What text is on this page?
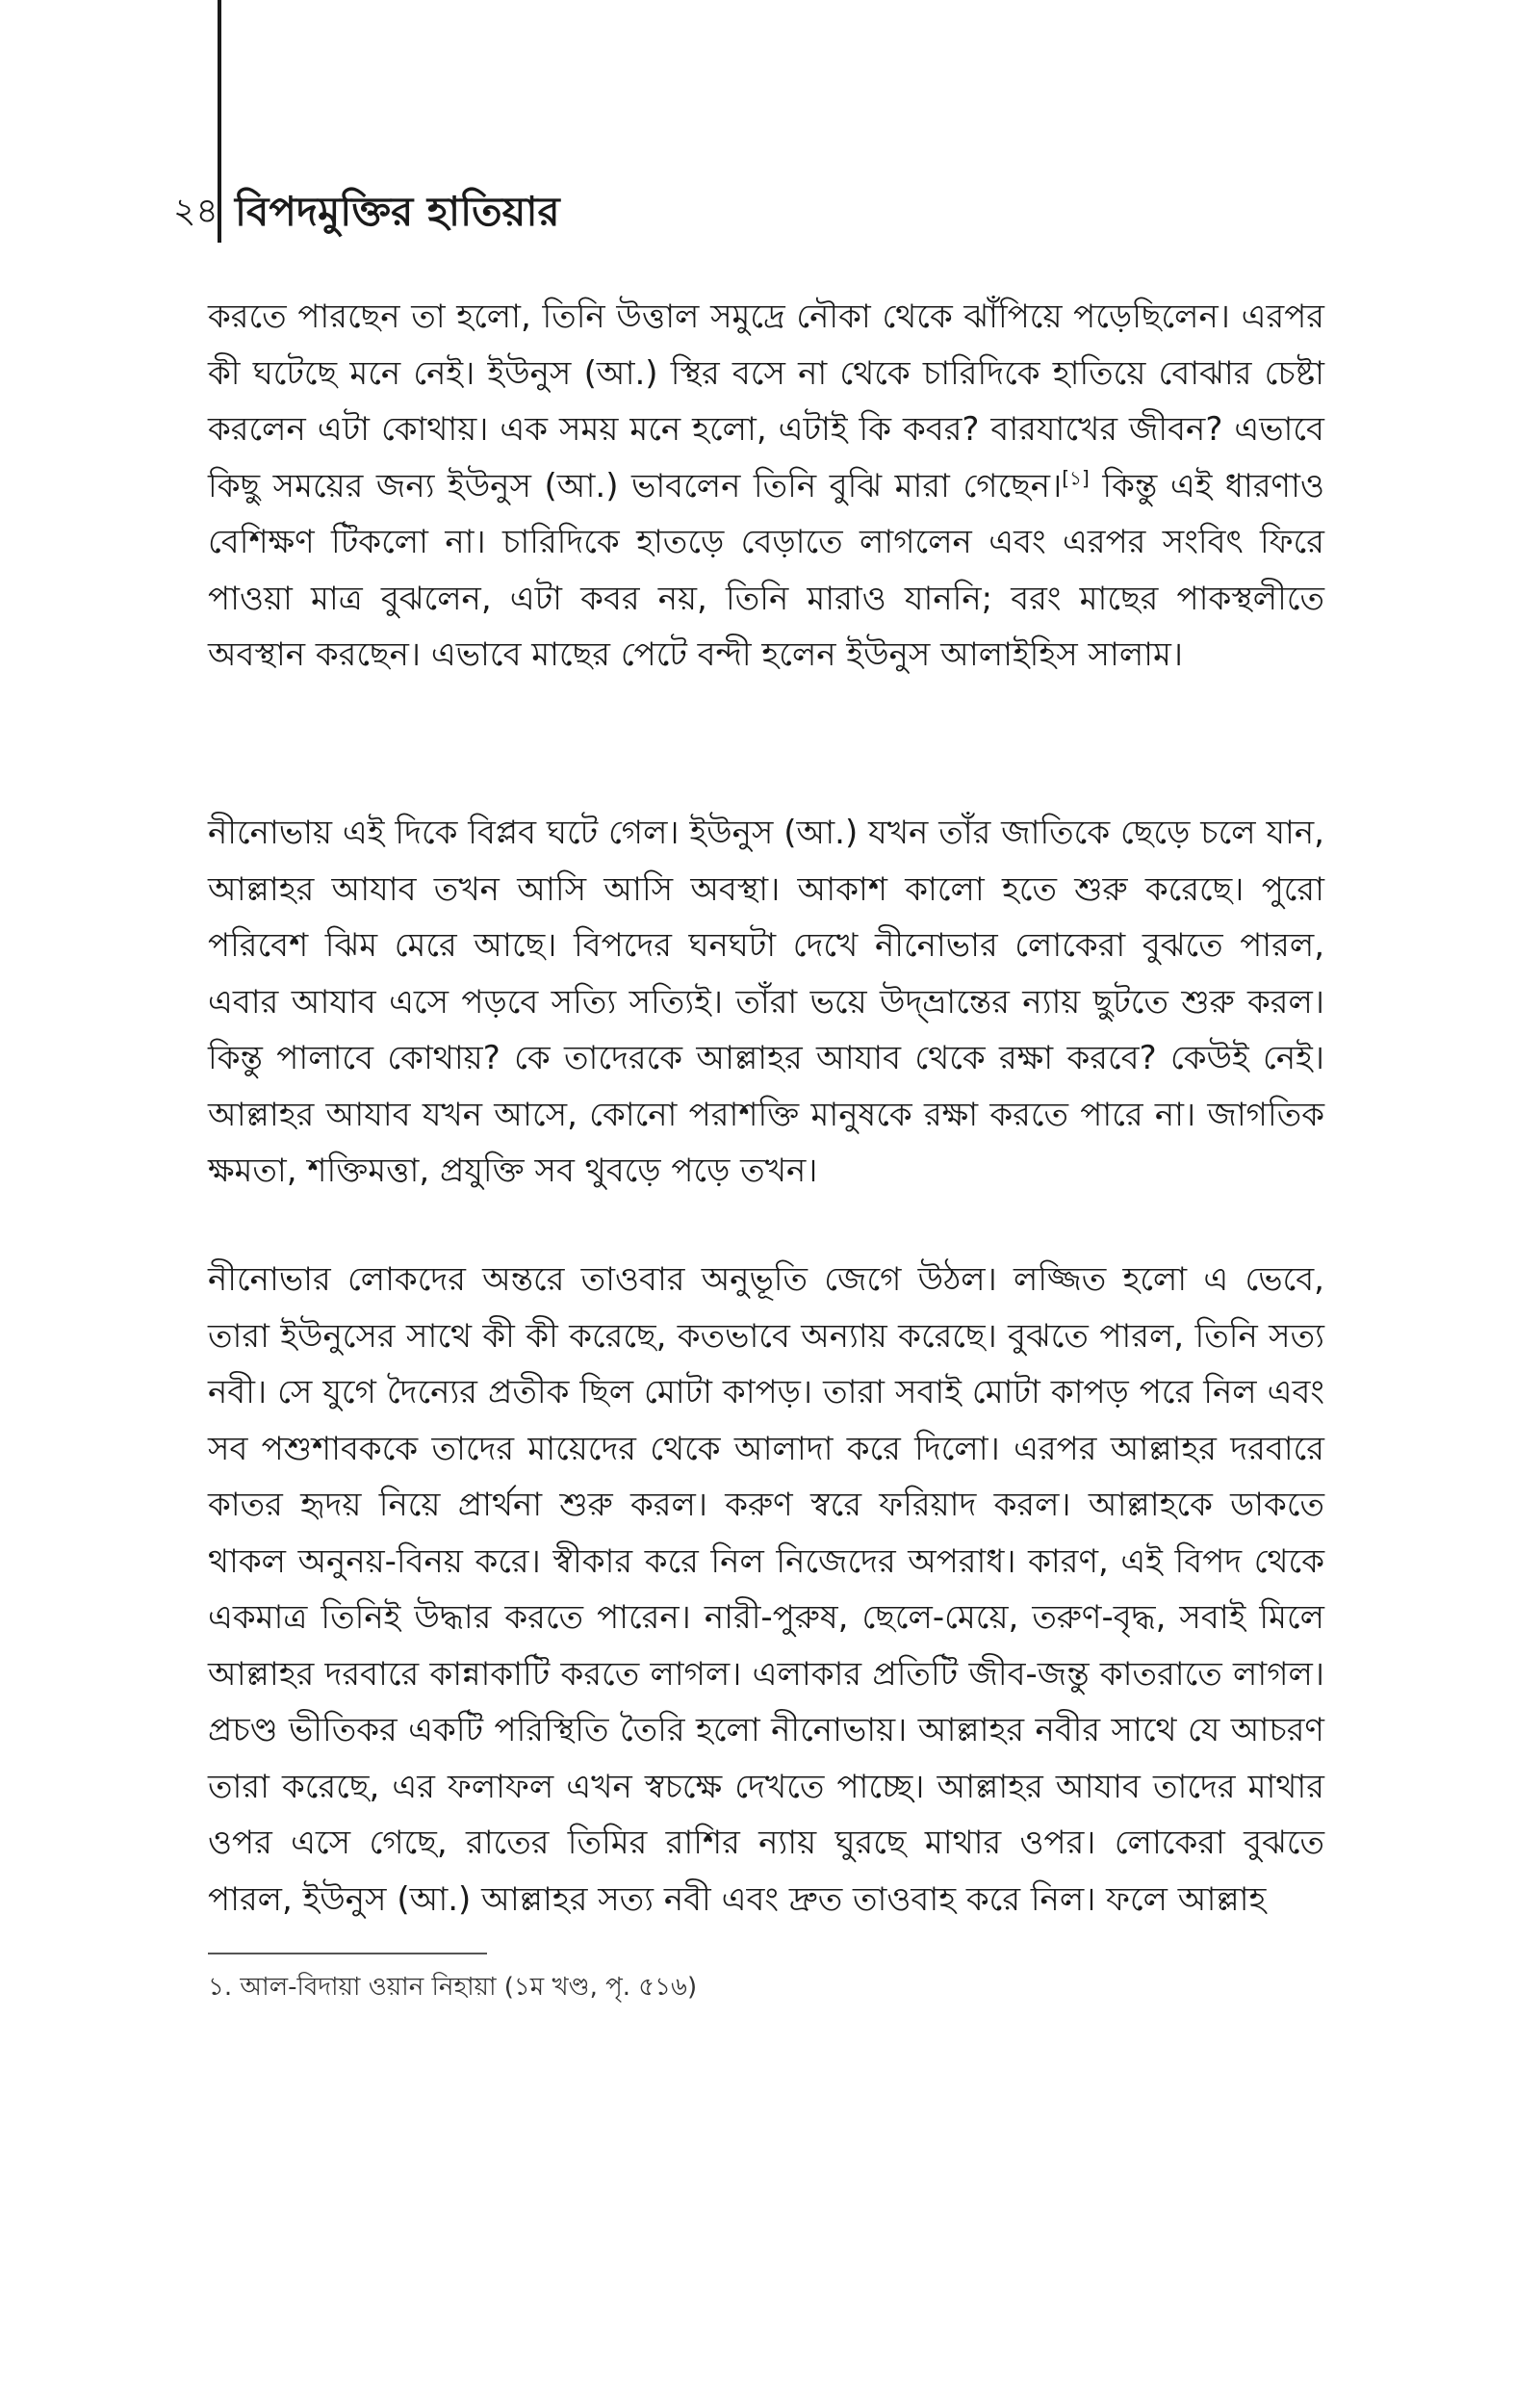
২৪ বিপদমুক্তির হাতিয়ার
করতে পারছেন তা হলো, তিনি উত্তাল সমুদ্রে নৌকা থেকে ঝাঁপিয়ে পড়েছিলেন। এরপর কী ঘটেছে মনে নেই। ইউনুস (আ.) স্থির বসে না থেকে চারিদিকে হাতিয়ে বোঝার চেষ্টা করলেন এটা কোথায়। এক সময় মনে হলো, এটাই কি কবর? বারযাখের জীবন? এভাবে কিছু সময়ের জন্য ইউনুস (আ.) ভাবলেন তিনি বুঝি মারা গেছেন।[১] কিন্তু এই ধারণাও বেশিক্ষণ টিকলো না। চারিদিকে হাতড়ে বেড়াতে লাগলেন এবং এরপর সংবিৎ ফিরে পাওয়া মাত্র বুঝলেন, এটা কবর নয়, তিনি মারাও যাননি; বরং মাছের পাকস্থলীতে অবস্থান করছেন। এভাবে মাছের পেটে বন্দী হলেন ইউনুস আলাইহিস সালাম।
নীনোভায় এই দিকে বিপ্লব ঘটে গেল। ইউনুস (আ.) যখন তাঁর জাতিকে ছেড়ে চলে যান, আল্লাহর আযাব তখন আসি আসি অবস্থা। আকাশ কালো হতে শুরু করেছে। পুরো পরিবেশ ঝিম মেরে আছে। বিপদের ঘনঘটা দেখে নীনোভার লোকেরা বুঝতে পারল, এবার আযাব এসে পড়বে সত্যি সত্যিই। তাঁরা ভয়ে উদ্‌ভ্রান্তের ন্যায় ছুটতে শুরু করল। কিন্তু পালাবে কোথায়? কে তাদেরকে আল্লাহর আযাব থেকে রক্ষা করবে? কেউই নেই। আল্লাহর আযাব যখন আসে, কোনো পরাশক্তি মানুষকে রক্ষা করতে পারে না। জাগতিক ক্ষমতা, শক্তিমত্তা, প্রযুক্তি সব থুবড়ে পড়ে তখন।
নীনোভার লোকদের অন্তরে তাওবার অনুভূতি জেগে উঠল। লজ্জিত হলো এ ভেবে, তারা ইউনুসের সাথে কী কী করেছে, কতভাবে অন্যায় করেছে। বুঝতে পারল, তিনি সত্য নবী। সে যুগে দৈন্যের প্রতীক ছিল মোটা কাপড়। তারা সবাই মোটা কাপড় পরে নিল এবং সব পশুশাবককে তাদের মায়েদের থেকে আলাদা করে দিলো। এরপর আল্লাহর দরবারে কাতর হৃদয় নিয়ে প্রার্থনা শুরু করল। করুণ স্বরে ফরিয়াদ করল। আল্লাহকে ডাকতে থাকল অনুনয়-বিনয় করে। স্বীকার করে নিল নিজেদের অপরাধ। কারণ, এই বিপদ থেকে একমাত্র তিনিই উদ্ধার করতে পারেন। নারী-পুরুষ, ছেলে-মেয়ে, তরুণ-বৃদ্ধ, সবাই মিলে আল্লাহর দরবারে কান্নাকাটি করতে লাগল। এলাকার প্রতিটি জীব-জন্তু কাতরাতে লাগল। প্রচণ্ড ভীতিকর একটি পরিস্থিতি তৈরি হলো নীনোভায়। আল্লাহর নবীর সাথে যে আচরণ তারা করেছে, এর ফলাফল এখন স্বচক্ষে দেখতে পাচ্ছে। আল্লাহর আযাব তাদের মাথার ওপর এসে গেছে, রাতের তিমির রাশির ন্যায় ঘুরছে মাথার ওপর। লোকেরা বুঝতে পারল, ইউনুস (আ.) আল্লাহর সত্য নবী এবং দ্রুত তাওবাহ করে নিল। ফলে আল্লাহ
১. আল-বিদায়া ওয়ান নিহায়া (১ম খণ্ড, পৃ. ৫১৬)
